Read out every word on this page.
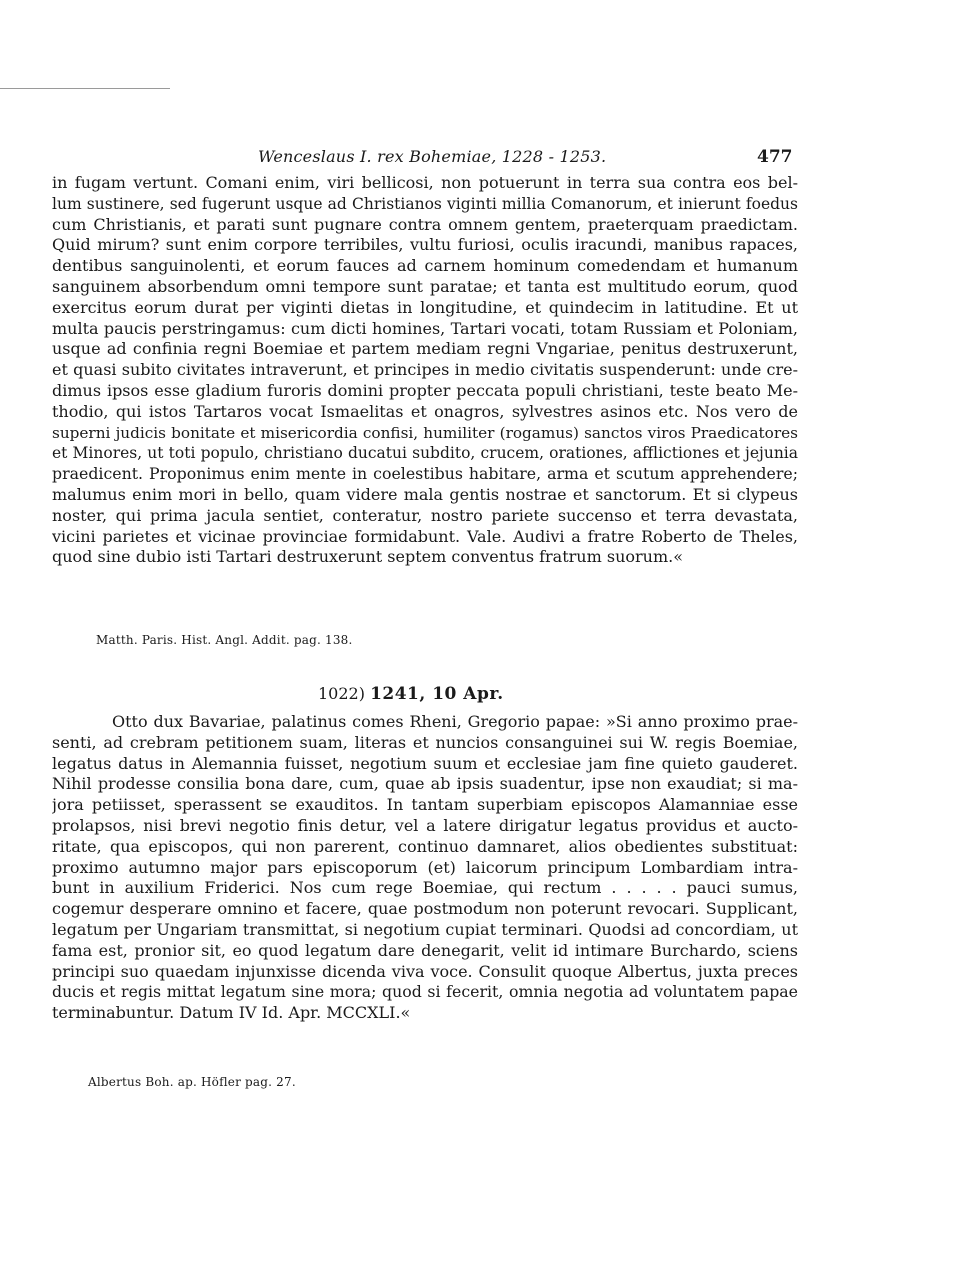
Wenceslaus I. rex Bohemiae, 1228 - 1253.	477
in fugam vertunt. Comani enim, viri bellicosi, non potuerunt in terra sua contra eos bel-
lum sustinere, sed fugerunt usque ad Christianos viginti millia Comanorum, et inierunt foedus
cum Christianis, et parati sunt pugnare contra omnem gentem, praeterquam praedictam.
Quid mirum? sunt enim corpore terribiles, vultu furiosi, oculis iracundi, manibus rapaces,
dentibus sanguinolenti, et eorum fauces ad carnem hominum comedendam et humanum
sanguinem absorbendum omni tempore sunt paratae; et tanta est multitudo eorum, quod
exercitus eorum durat per viginti dietas in longitudine, et quindecim in latitudine. Et ut
multa paucis perstringamus: cum dicti homines, Tartari vocati, totam Russiam et Poloniam,
usque ad confinia regni Boemiae et partem mediam regni Vngariae, penitus destruxerunt,
et quasi subito civitates intraverunt, et principes in medio civitatis suspenderunt: unde cre-
dimus ipsos esse gladium furoris domini propter peccata populi christiani, teste beato Me-
thodio, qui istos Tartaros vocat Ismaelitas et onagros, sylvestres asinos etc. Nos vero de
superni judicis bonitate et misericordia confisi, humiliter (rogamus) sanctos viros Praedicatores
et Minores, ut toti populo, christiano ducatui subdito, crucem, orationes, afflictiones et jejunia
praedicent. Proponimus enim mente in coelestibus habitare, arma et scutum apprehendere;
malumus enim mori in bello, quam videre mala gentis nostrae et sanctorum. Et si clypeus
noster, qui prima jacula sentiet, conteratur, nostro pariete succenso et terra devastata,
vicini parietes et vicinae provinciae formidabunt. Vale. Audivi a fratre Roberto de Theles,
quod sine dubio isti Tartari destruxerunt septem conventus fratrum suorum.«
Matth. Paris. Hist. Angl. Addit. pag. 138.
1022) 1241, 10 Apr.
Otto dux Bavariae, palatinus comes Rheni, Gregorio papae: »Si anno proximo prae-
senti, ad crebram petitionem suam, literas et nuncios consanguinei sui W. regis Boemiae,
legatus datus in Alemannia fuisset, negotium suum et ecclesiae jam fine quieto gauderet.
Nihil prodesse consilia bona dare, cum, quae ab ipsis suadentur, ipse non exaudiat; si ma-
jora petiisset, sperassent se exauditos. In tantam superbiam episcopos Alamanniae esse
prolapsos, nisi brevi negotio finis detur, vel a latere dirigatur legatus providus et aucto-
ritate, qua episcopos, qui non parerent, continuo damnaret, alios obedientes substituat:
proximo autumno major pars episcoporum (et) laicorum principum Lombardiam intra-
bunt in auxilium Friderici. Nos cum rege Boemiae, qui rectum . . . . . pauci sumus,
cogemur desperare omnino et facere, quae postmodum non poterunt revocari. Supplicant,
legatum per Ungariam transmittat, si negotium cupiat terminari. Quodsi ad concordiam, ut
fama est, pronior sit, eo quod legatum dare denegarit, velit id intimare Burchardo, sciens
principi suo quaedam injunxisse dicenda viva voce. Consulit quoque Albertus, juxta preces
ducis et regis mittat legatum sine mora; quod si fecerit, omnia negotia ad voluntatem papae
terminabuntur. Datum IV Id. Apr. MCCXLI.«
Albertus Boh. ap. Höfler pag. 27.
